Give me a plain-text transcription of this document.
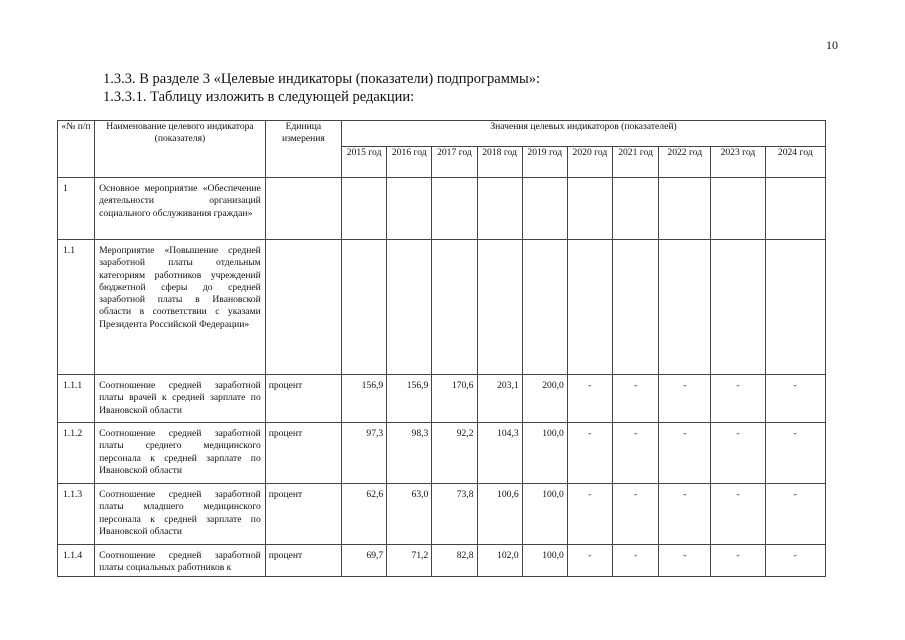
10
1.3.3. В разделе 3 «Целевые индикаторы (показатели) подпрограммы»:
1.3.3.1. Таблицу изложить в следующей редакции:
«№ п/п	Наименование целевого индикатора (показателя)	Единица измерения	Значения целевых индикаторов (показателей)									
			2015 год	2016 год	2017 год	2018 год	2019 год	2020 год	2021 год	2022 год	2023 год	2024 год
1	Основное мероприятие «Обеспечение деятельности организаций социального обслуживания граждан»											

1.1	Мероприятие «Повышение средней заработной платы отдельным категориям работников учреждений бюджетной сферы до средней заработной платы в Ивановской области в соответствии с указами Президента Российской Федерации»											

1.1.1	Соотношение средней заработной платы врачей к средней зарплате по Ивановской области	процент	156,9	156,9	170,6	203,1	200,0	-	-	-	-	-
1.1.2	Соотношение средней заработной платы среднего медицинского персонала к средней зарплате по Ивановской области	процент	97,3	98,3	92,2	104,3	100,0	-	-	-	-	-
1.1.3	Соотношение средней заработной платы младшего медицинского персонала к средней зарплате по Ивановской области	процент	62,6	63,0	73,8	100,6	100,0	-	-	-	-	-
1.1.4	Соотношение средней заработной платы социальных работников к	процент	69,7	71,2	82,8	102,0	100,0	-	-	-	-	-
